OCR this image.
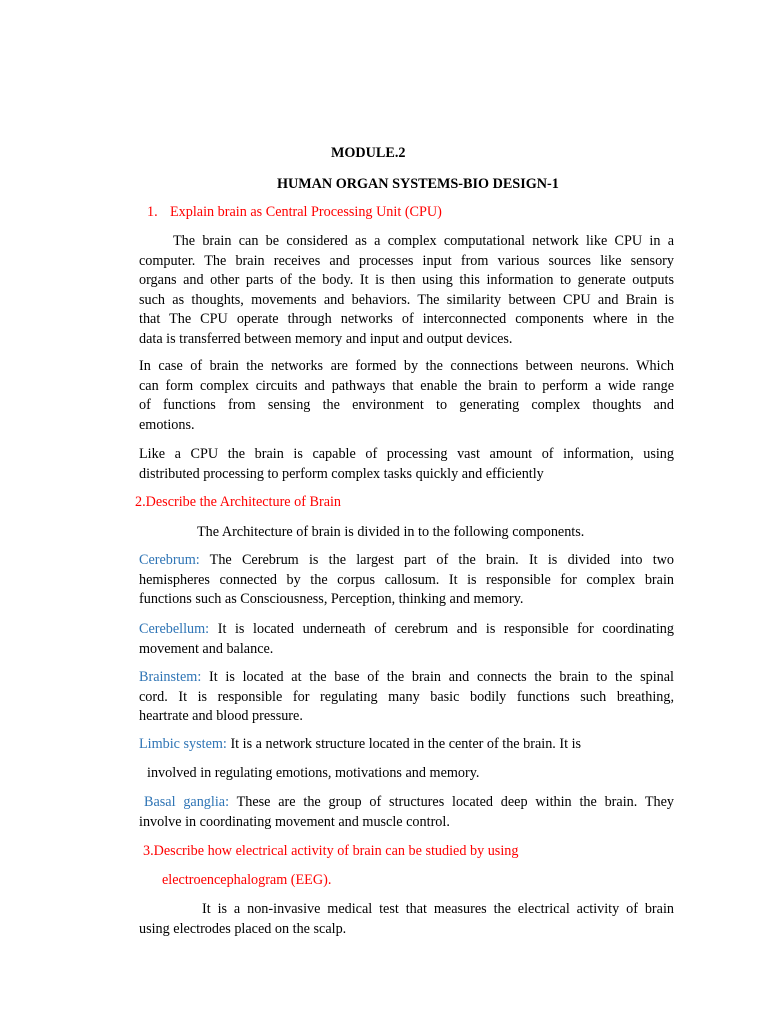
MODULE.2
HUMAN ORGAN SYSTEMS-BIO DESIGN-1
1. Explain brain as Central Processing Unit (CPU)
The brain can be considered as a complex computational network like CPU in a
computer. The brain receives and processes input from various sources like sensory
organs and other parts of the body. It is then using this information to generate outputs
such as thoughts, movements and behaviors. The similarity between CPU and Brain is
that The CPU operate through networks of interconnected components where in the
data is transferred between memory and input and output devices.
In case of brain the networks are formed by the connections between neurons. Which
can form complex circuits and pathways that enable the brain to perform a wide range
of functions from sensing the environment to generating complex thoughts and
emotions.
Like a CPU the brain is capable of processing vast amount of information, using
distributed processing to perform complex tasks quickly and efficiently
2.Describe the Architecture of Brain
The Architecture of brain is divided in to the following components.
Cerebrum: The Cerebrum is the largest part of the brain. It is divided into two
hemispheres connected by the corpus callosum. It is responsible for complex brain
functions such as Consciousness, Perception, thinking and memory.
Cerebellum: It is located underneath of cerebrum and is responsible for coordinating
movement and balance.
Brainstem: It is located at the base of the brain and connects the brain to the spinal
cord. It is responsible for regulating many basic bodily functions such breathing,
heartrate and blood pressure.
Limbic system: It is a network structure located in the center of the brain. It is
involved in regulating emotions, motivations and memory.
Basal ganglia: These are the group of structures located deep within the brain. They
involve in coordinating movement and muscle control.
3.Describe how electrical activity of brain can be studied by using
electroencephalogram (EEG).
It is a non-invasive medical test that measures the electrical activity of brain
using electrodes placed on the scalp.
